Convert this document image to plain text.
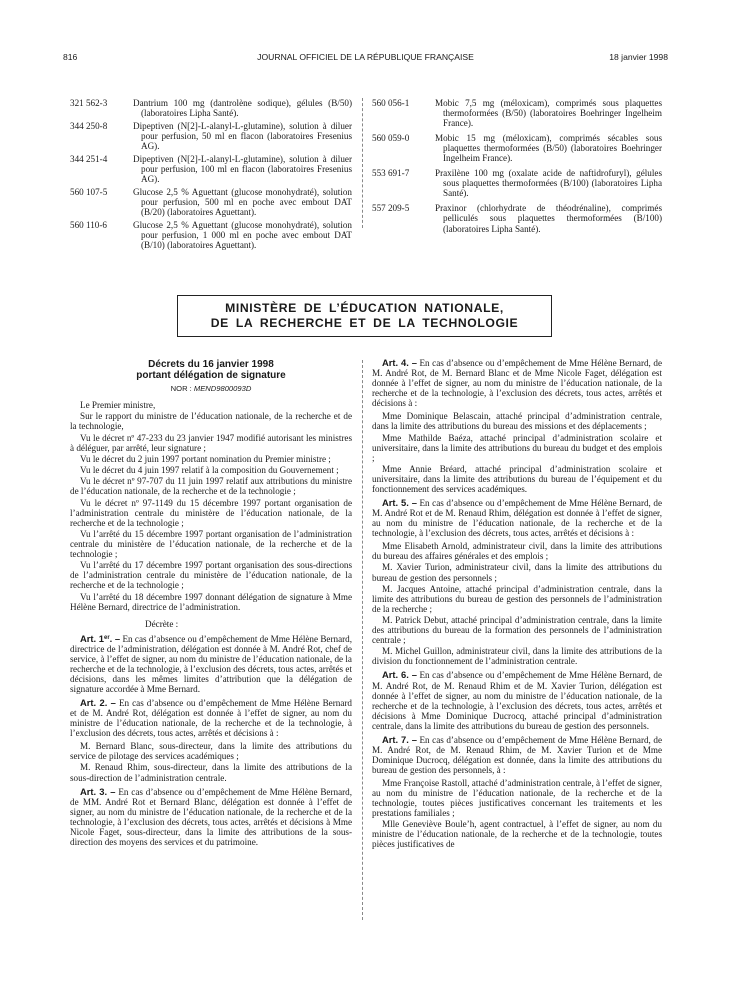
816	JOURNAL OFFICIEL DE LA RÉPUBLIQUE FRANÇAISE	18 janvier 1998
321 562-3	Dantrium 100 mg (dantrolène sodique), gélules (B/50) (laboratoires Lipha Santé).
344 250-8	Dipeptiven (N[2]-L-alanyl-L-glutamine), solution à diluer pour perfusion, 50 ml en flacon (laboratoires Fresenius AG).
344 251-4	Dipeptiven (N[2]-L-alanyl-L-glutamine), solution à diluer pour perfusion, 100 ml en flacon (laboratoires Fresenius AG).
560 107-5	Glucose 2,5 % Aguettant (glucose monohydraté), solution pour perfusion, 500 ml en poche avec embout DAT (B/20) (laboratoires Aguettant).
560 110-6	Glucose 2,5 % Aguettant (glucose monohydraté), solution pour perfusion, 1 000 ml en poche avec embout DAT (B/10) (laboratoires Aguettant).
560 056-1	Mobic 7,5 mg (méloxicam), comprimés sous plaquettes thermoformées (B/50) (laboratoires Boehringer Ingelheim France).
560 059-0	Mobic 15 mg (méloxicam), comprimés sécables sous plaquettes thermoformées (B/50) (laboratoires Boehringer Ingelheim France).
553 691-7	Praxilène 100 mg (oxalate acide de naftidrofuryl), gélules sous plaquettes thermoformées (B/100) (laboratoires Lipha Santé).
557 209-5	Praxinor (chlorhydrate de théodrénaline), comprimés pelliculés sous plaquettes thermoformées (B/100) (laboratoires Lipha Santé).
MINISTÈRE DE L’ÉDUCATION NATIONALE,
DE LA RECHERCHE ET DE LA TECHNOLOGIE
Décrets du 16 janvier 1998
portant délégation de signature
NOR : MEND9800093D

Le Premier ministre,

Sur le rapport du ministre de l’éducation nationale, de la recherche et de la technologie,

Vu le décret nº 47-233 du 23 janvier 1947 modifié autorisant les ministres à déléguer, par arrêté, leur signature ;

Vu le décret du 2 juin 1997 portant nomination du Premier ministre ;

Vu le décret du 4 juin 1997 relatif à la composition du Gouvernement ;

Vu le décret nº 97-707 du 11 juin 1997 relatif aux attributions du ministre de l’éducation nationale, de la recherche et de la technologie ;

Vu le décret nº 97-1149 du 15 décembre 1997 portant organisation de l’administration centrale du ministère de l’éducation nationale, de la recherche et de la technologie ;

Vu l’arrêté du 15 décembre 1997 portant organisation de l’administration centrale du ministère de l’éducation nationale, de la recherche et de la technologie ;

Vu l’arrêté du 17 décembre 1997 portant organisation des sous-directions de l’administration centrale du ministère de l’éducation nationale, de la recherche et de la technologie ;

Vu l’arrêté du 18 décembre 1997 donnant délégation de signature à Mme Hélène Bernard, directrice de l’administration.

Décrète :

Art. 1er. – En cas d’absence ou d’empêchement de Mme Hélène Bernard, directrice de l’administration, délégation est donnée à M. André Rot, chef de service, à l’effet de signer, au nom du ministre de l’éducation nationale, de la recherche et de la technologie, à l’exclusion des décrets, tous actes, arrêtés et décisions, dans les mêmes limites d’attribution que la délégation de signature accordée à Mme Bernard.

Art. 2. – En cas d’absence ou d’empêchement de Mme Hélène Bernard et de M. André Rot, délégation est donnée à l’effet de signer, au nom du ministre de l’éducation nationale, de la recherche et de la technologie, à l’exclusion des décrets, tous actes, arrêtés et décisions à :

M. Bernard Blanc, sous-directeur, dans la limite des attributions du service de pilotage des services académiques ;

M. Renaud Rhim, sous-directeur, dans la limite des attributions de la sous-direction de l’administration centrale.

Art. 3. – En cas d’absence ou d’empêchement de Mme Hélène Bernard, de MM. André Rot et Bernard Blanc, délégation est donnée à l’effet de signer, au nom du ministre de l’éducation nationale, de la recherche et de la technologie, à l’exclusion des décrets, tous actes, arrêtés et décisions à Mme Nicole Faget, sous-directeur, dans la limite des attributions de la sous-direction des moyens des services et du patrimoine.

Art. 4. – En cas d’absence ou d’empêchement de Mme Hélène Bernard, de M. André Rot, de M. Bernard Blanc et de Mme Nicole Faget, délégation est donnée à l’effet de signer, au nom du ministre de l’éducation nationale, de la recherche et de la technologie, à l’exclusion des décrets, tous actes, arrêtés et décisions à :

Mme Dominique Belascain, attaché principal d’administration centrale, dans la limite des attributions du bureau des missions et des déplacements ;

Mme Mathilde Baéza, attaché principal d’administration scolaire et universitaire, dans la limite des attributions du bureau du budget et des emplois ;

Mme Annie Bréard, attaché principal d’administration scolaire et universitaire, dans la limite des attributions du bureau de l’équipement et du fonctionnement des services académiques.

Art. 5. – En cas d’absence ou d’empêchement de Mme Hélène Bernard, de M. André Rot et de M. Renaud Rhim, délégation est donnée à l’effet de signer, au nom du ministre de l’éducation nationale, de la recherche et de la technologie, à l’exclusion des décrets, tous actes, arrêtés et décisions à :

Mme Elisabeth Arnold, administrateur civil, dans la limite des attributions du bureau des affaires générales et des emplois ;

M. Xavier Turion, administrateur civil, dans la limite des attributions du bureau de gestion des personnels ;

M. Jacques Antoine, attaché principal d’administration centrale, dans la limite des attributions du bureau de gestion des personnels de l’administration de la recherche ;

M. Patrick Debut, attaché principal d’administration centrale, dans la limite des attributions du bureau de la formation des personnels de l’administration centrale ;

M. Michel Guillon, administrateur civil, dans la limite des attributions de la division du fonctionnement de l’administration centrale.

Art. 6. – En cas d’absence ou d’empêchement de Mme Hélène Bernard, de M. André Rot, de M. Renaud Rhim et de M. Xavier Turion, délégation est donnée à l’effet de signer, au nom du ministre de l’éducation nationale, de la recherche et de la technologie, à l’exclusion des décrets, tous actes, arrêtés et décisions à Mme Dominique Ducrocq, attaché principal d’administration centrale, dans la limite des attributions du bureau de gestion des personnels.

Art. 7. – En cas d’absence ou d’empêchement de Mme Hélène Bernard, de M. André Rot, de M. Renaud Rhim, de M. Xavier Turion et de Mme Dominique Ducrocq, délégation est donnée, dans la limite des attributions du bureau de gestion des personnels, à :

Mme Françoise Rastoll, attaché d’administration centrale, à l’effet de signer, au nom du ministre de l’éducation nationale, de la recherche et de la technologie, toutes pièces justificatives concernant les traitements et les prestations familiales ;

Mlle Geneviève Boule’h, agent contractuel, à l’effet de signer, au nom du ministre de l’éducation nationale, de la recherche et de la technologie, toutes pièces justificatives de
